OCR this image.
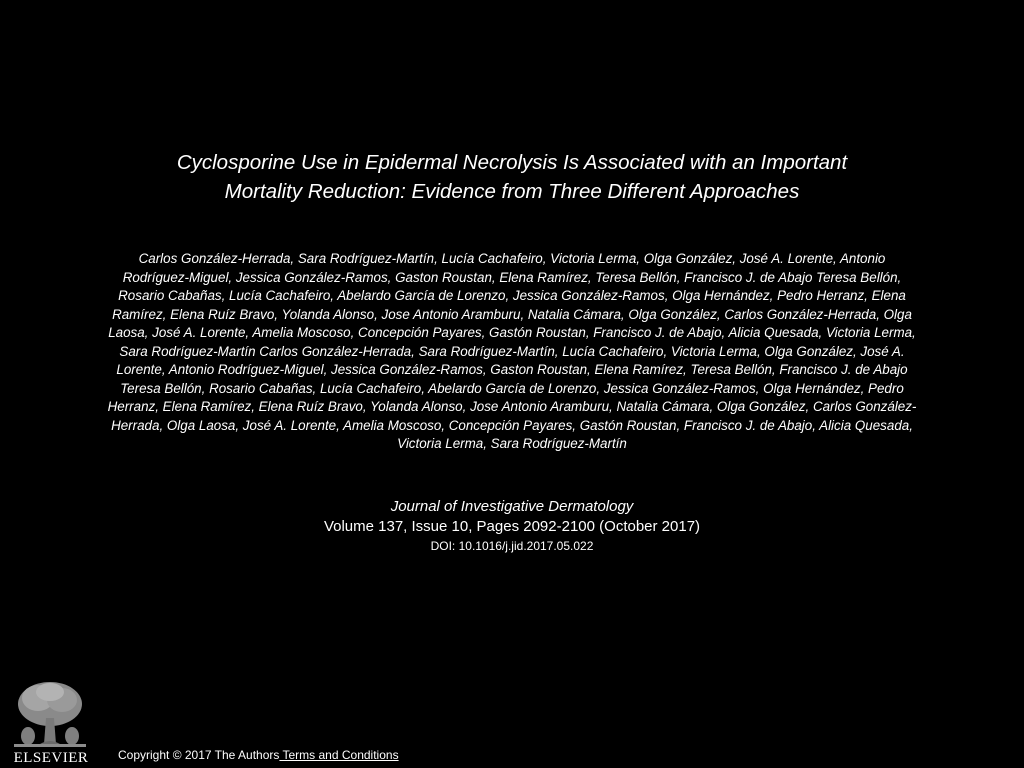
Cyclosporine Use in Epidermal Necrolysis Is Associated with an Important
Mortality Reduction: Evidence from Three Different Approaches
Carlos González-Herrada, Sara Rodríguez-Martín, Lucía Cachafeiro, Victoria Lerma, Olga González, José A. Lorente, Antonio
Rodríguez-Miguel, Jessica González-Ramos, Gaston Roustan, Elena Ramírez, Teresa Bellón, Francisco J. de Abajo Teresa Bellón,
Rosario Cabañas, Lucía Cachafeiro, Abelardo García de Lorenzo, Jessica González-Ramos, Olga Hernández, Pedro Herranz, Elena
Ramírez, Elena Ruíz Bravo, Yolanda Alonso, Jose Antonio Aramburu, Natalia Cámara, Olga González, Carlos González-Herrada, Olga
Laosa, José A. Lorente, Amelia Moscoso, Concepción Payares, Gastón Roustan, Francisco J. de Abajo, Alicia Quesada, Victoria Lerma,
Sara Rodríguez-Martín Carlos González-Herrada, Sara Rodríguez-Martín, Lucía Cachafeiro, Victoria Lerma, Olga González, José A.
Lorente, Antonio Rodríguez-Miguel, Jessica González-Ramos, Gaston Roustan, Elena Ramírez, Teresa Bellón, Francisco J. de Abajo
Teresa Bellón, Rosario Cabañas, Lucía Cachafeiro, Abelardo García de Lorenzo, Jessica González-Ramos, Olga Hernández, Pedro
Herranz, Elena Ramírez, Elena Ruíz Bravo, Yolanda Alonso, Jose Antonio Aramburu, Natalia Cámara, Olga González, Carlos González-
Herrada, Olga Laosa, José A. Lorente, Amelia Moscoso, Concepción Payares, Gastón Roustan, Francisco J. de Abajo, Alicia Quesada,
Victoria Lerma, Sara Rodríguez-Martín
Journal of Investigative Dermatology
Volume 137, Issue 10, Pages 2092-2100 (October 2017)
DOI: 10.1016/j.jid.2017.05.022
ELSEVIER	Copyright © 2017 The Authors Terms and Conditions
